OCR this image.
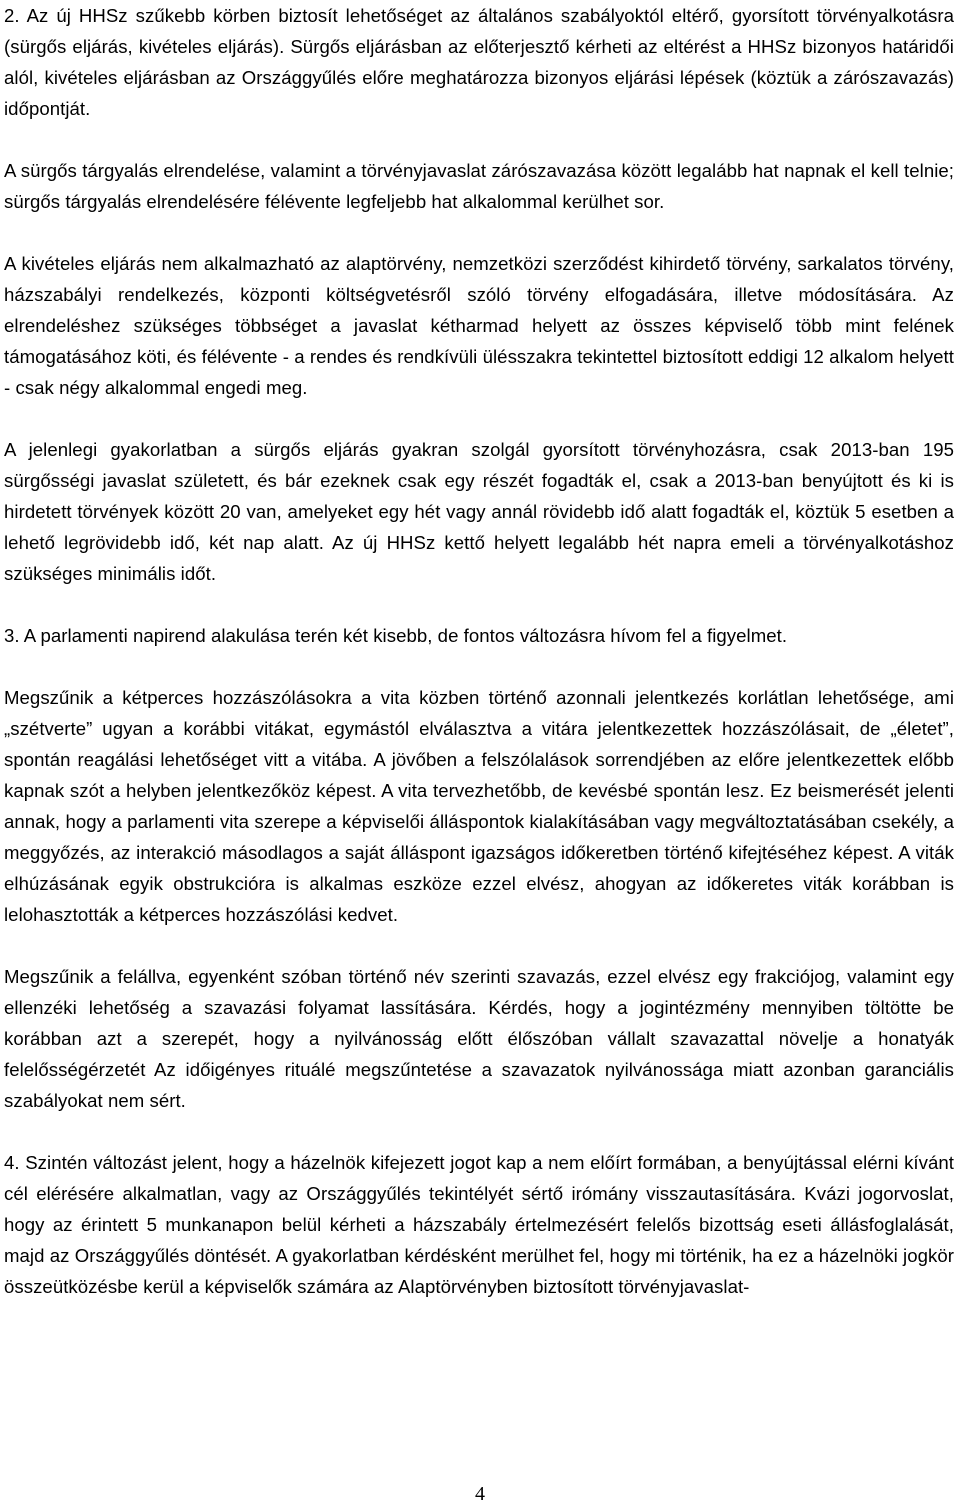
2. Az új HHSz szűkebb körben biztosít lehetőséget az általános szabályoktól eltérő, gyorsított törvényalkotásra (sürgős eljárás, kivételes eljárás). Sürgős eljárásban az előterjesztő kérheti az eltérést a HHSz bizonyos határidői alól, kivételes eljárásban az Országgyűlés előre meghatározza bizonyos eljárási lépések (köztük a zárószavazás) időpontját.

A sürgős tárgyalás elrendelése, valamint a törvényjavaslat zárószavazása között legalább hat napnak el kell telnie; sürgős tárgyalás elrendelésére félévente legfeljebb hat alkalommal kerülhet sor.

A kivételes eljárás nem alkalmazható az alaptörvény, nemzetközi szerződést kihirdető törvény, sarkalatos törvény, házszabályi rendelkezés, központi költségvetésről szóló törvény elfogadására, illetve módosítására. Az elrendeléshez szükséges többséget a javaslat kétharmad helyett az összes képviselő több mint felének támogatásához köti, és félévente - a rendes és rendkívüli ülésszakra tekintettel biztosított eddigi 12 alkalom helyett - csak négy alkalommal engedi meg.

A jelenlegi gyakorlatban a sürgős eljárás gyakran szolgál gyorsított törvényhozásra, csak 2013-ban 195 sürgősségi javaslat született, és bár ezeknek csak egy részét fogadták el, csak a 2013-ban benyújtott és ki is hirdetett törvények között 20 van, amelyeket egy hét vagy annál rövidebb idő alatt fogadták el, köztük 5 esetben a lehető legrövidebb idő, két nap alatt. Az új HHSz kettő helyett legalább hét napra emeli a törvényalkotáshoz szükséges minimális időt.

3. A parlamenti napirend alakulása terén két kisebb, de fontos változásra hívom fel a figyelmet.

Megszűnik a kétperces hozzászólásokra a vita közben történő azonnali jelentkezés korlátlan lehetősége, ami „szétverte” ugyan a korábbi vitákat, egymástól elválasztva a vitára jelentkezettek hozzászólásait, de „életet”, spontán reagálási lehetőséget vitt a vitába. A jövőben a felszólalások sorrendjében az előre jelentkezettek előbb kapnak szót a helyben jelentkezőköz képest. A vita tervezhetőbb, de kevésbé spontán lesz. Ez beismerését jelenti annak, hogy a parlamenti vita szerepe a képviselői álláspontok kialakításában vagy megváltoztatásában csekély, a meggyőzés, az interakció másodlagos a saját álláspont igazságos időkeretben történő kifejtéséhez képest. A viták elhúzásának egyik obstrukcióra is alkalmas eszköze ezzel elvész, ahogyan az időkeretes viták korábban is lelohasztották a kétperces hozzászólási kedvet.

Megszűnik a felállva, egyenként szóban történő név szerinti szavazás, ezzel elvész egy frakciójog, valamint egy ellenzéki lehetőség a szavazási folyamat lassítására. Kérdés, hogy a jogintézmény mennyiben töltötte be korábban azt a szerepét, hogy a nyilvánosság előtt élőszóban vállalt szavazattal növelje a honatyák felelősségérzetét Az időigényes rituálé megszűntetése a szavazatok nyilvánossága miatt azonban garanciális szabályokat nem sért.

4. Szintén változást jelent, hogy a házelnök kifejezett jogot kap a nem előírt formában, a benyújtással elérni kívánt cél elérésére alkalmatlan, vagy az Országgyűlés tekintélyét sértő irómány visszautasítására. Kvázi jogorvoslat, hogy az érintett 5 munkanapon belül kérheti a házszabály értelmezésért felelős bizottság eseti állásfoglalását, majd az Országgyűlés döntését. A gyakorlatban kérdésként merülhet fel, hogy mi történik, ha ez a házelnöki jogkör összeütközésbe kerül a képviselők számára az Alaptörvényben biztosított törvényjavaslat-

4
